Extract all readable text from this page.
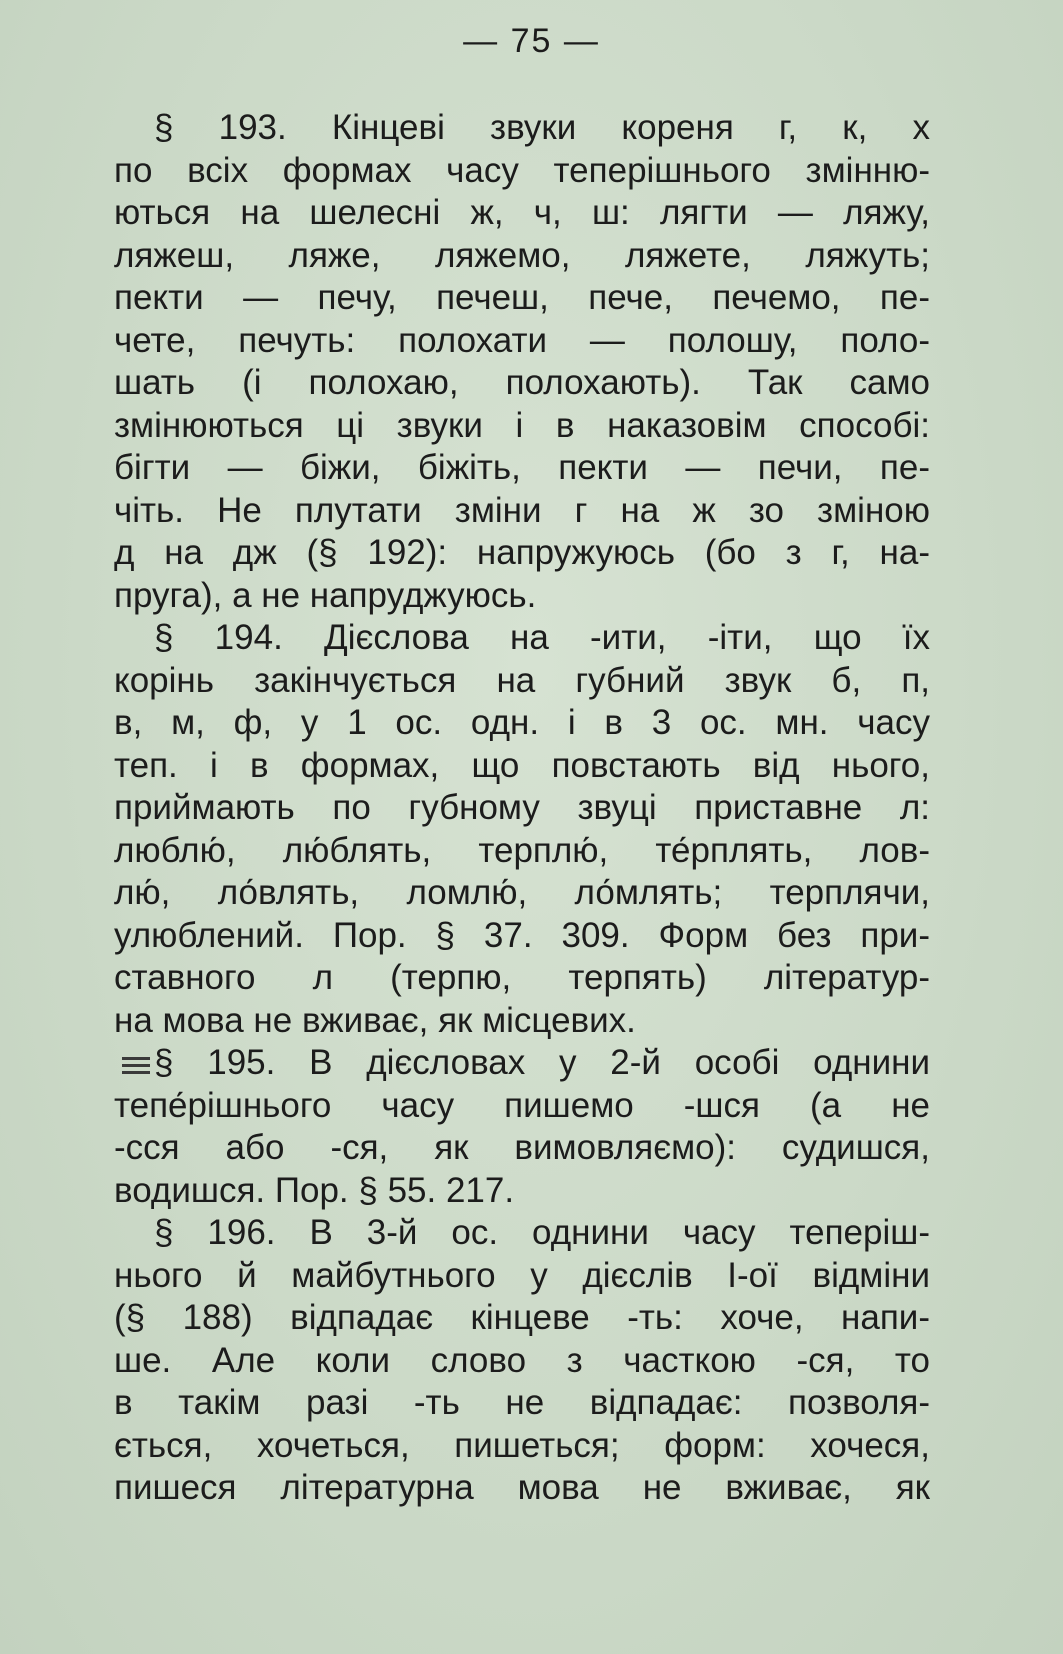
— 75 —
§ 193. Кінцеві звуки кореня г, к, х
по всіх формах часу теперішнього змінню-
ються на шелесні ж, ч, ш: лягти — ляжу,
ляжеш, ляже, ляжемо, ляжете, ляжуть;
пекти — печу, печеш, пече, печемо, пе-
чете, печуть: полохати — полошу, поло-
шать (і полохаю, полохають). Так само
змінюються ці звуки і в наказовім способі:
бігти — біжи, біжіть, пекти — печи, пе-
чіть. Не плутати зміни г на ж зо зміною
д на дж (§ 192): напружуюсь (бо з г, на-
пруга), а не напруджуюсь.
§ 194. Дієслова на -ити, -іти, що їх
корінь закінчується на губний звук б, п,
в, м, ф, у 1 ос. одн. і в 3 ос. мн. часу
теп. і в формах, що повстають від нього,
приймають по губному звуці приставне л:
люблю́, лю́блять, терплю́, те́рплять, лов-
лю́, ло́влять, ломлю́, ло́млять; терплячи,
улюблений. Пор. § 37. 309. Форм без при-
ставного л (терпю, терпять) літератур-
на мова не вживає, як місцевих.
§ 195. В дієсловах у 2-й особі однини
тепе́рішнього часу пишемо -шся (а не
-сся або -ся, як вимовляємо): судишся,
водишся. Пор. § 55. 217.
§ 196. В 3-й ос. однини часу теперіш-
нього й майбутнього у дієслів І-ої відміни
(§ 188) відпадає кінцеве -ть: хоче, напи-
ше. Але коли слово з часткою -ся, то
в такім разі -ть не відпадає: позволя-
ється, хочеться, пишеться; форм: хочеся,
пишеся літературна мова не вживає, як
